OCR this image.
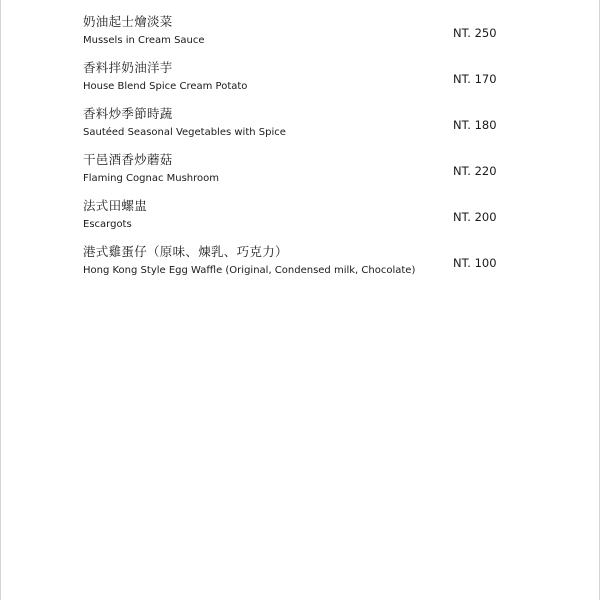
奶油起士燴淡菜
Mussels in Cream Sauce
NT. 250
香料拌奶油洋芋
House Blend Spice Cream Potato
NT. 170
香料炒季節時蔬
Sautéed Seasonal Vegetables with Spice
NT. 180
干邑酒香炒蘑菇
Flaming Cognac Mushroom
NT. 220
法式田螺盅
Escargots
NT. 200
港式雞蛋仔（原味、煉乳、巧克力）
Hong Kong Style Egg Waffle (Original, Condensed milk, Chocolate)
NT. 100
